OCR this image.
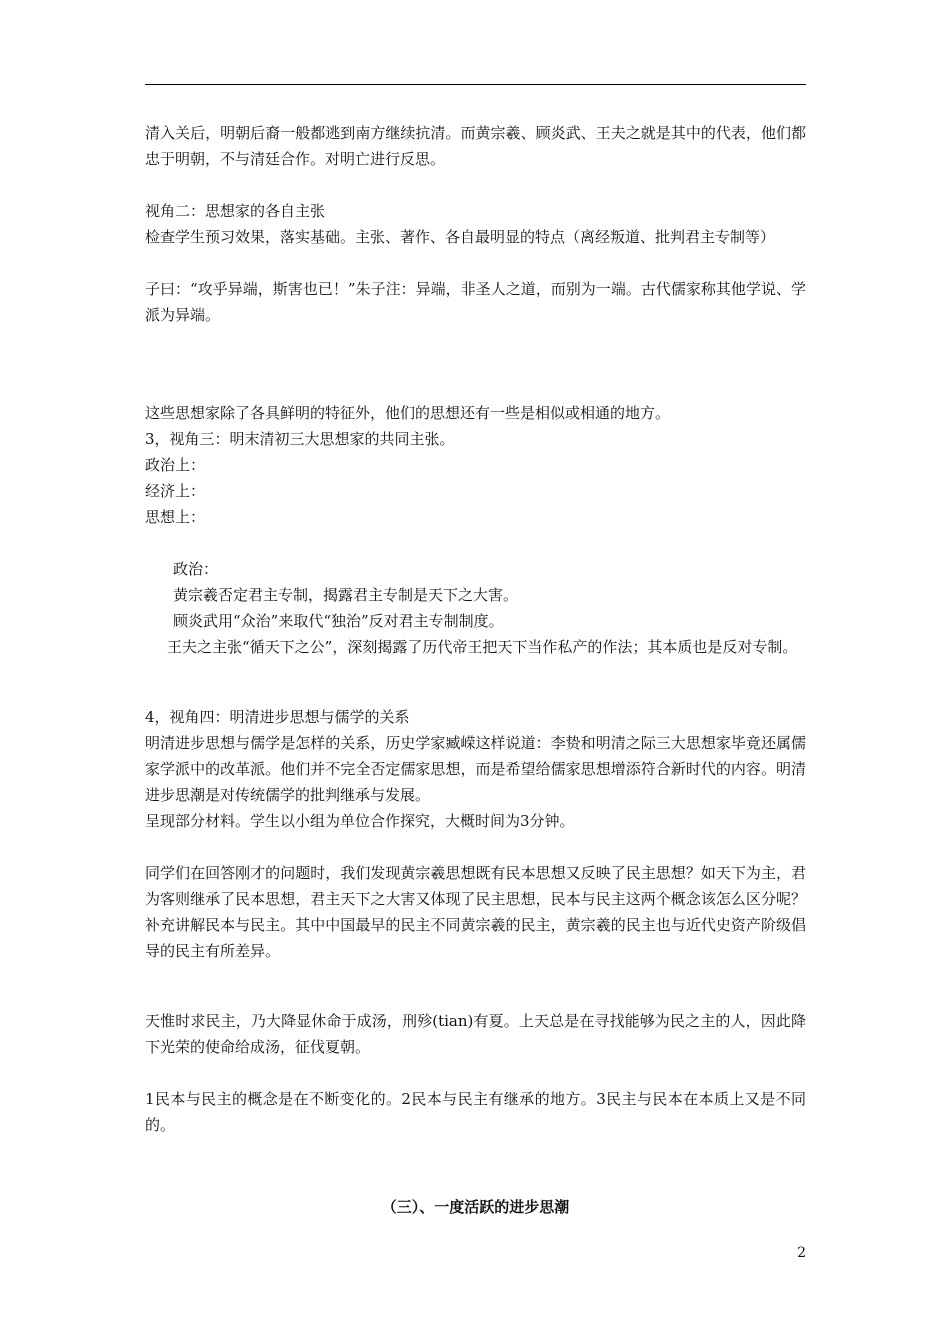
清入关后，明朝后裔一般都逃到南方继续抗清。而黄宗羲、顾炎武、王夫之就是其中的代表，他们都忠于明朝，不与清廷合作。对明亡进行反思。

视角二：思想家的各自主张

检查学生预习效果，落实基础。主张、著作、各自最明显的特点（离经叛道、批判君主专制等）

子曰：“攻乎异端，斯害也已！”朱子注：异端，非圣人之道，而别为一端。古代儒家称其他学说、学派为异端。

这些思想家除了各具鲜明的特征外，他们的思想还有一些是相似或相通的地方。

3，视角三：明末清初三大思想家的共同主张。

政治上：

经济上：

思想上：

政治：

黄宗羲否定君主专制，揭露君主专制是天下之大害。

顾炎武用“众治”来取代“独治”反对君主专制制度。

王夫之主张“循天下之公”，深刻揭露了历代帝王把天下当作私产的作法；其本质也是反对专制。

4，视角四：明清进步思想与儒学的关系

明清进步思想与儒学是怎样的关系，历史学家臧嵘这样说道：李贽和明清之际三大思想家毕竟还属儒家学派中的改革派。他们并不完全否定儒家思想，而是希望给儒家思想增添符合新时代的内容。明清进步思潮是对传统儒学的批判继承与发展。

呈现部分材料。学生以小组为单位合作探究，大概时间为3分钟。

同学们在回答刚才的问题时，我们发现黄宗羲思想既有民本思想又反映了民主思想？如天下为主，君为客则继承了民本思想，君主天下之大害又体现了民主思想，民本与民主这两个概念该怎么区分呢？补充讲解民本与民主。其中中国最早的民主不同黄宗羲的民主，黄宗羲的民主也与近代史资产阶级倡导的民主有所差异。

天惟时求民主，乃大降显休命于成汤，刑殄(tian)有夏。上天总是在寻找能够为民之主的人，因此降下光荣的使命给成汤，征伐夏朝。

1民本与民主的概念是在不断变化的。2民本与民主有继承的地方。3民主与民本在本质上又是不同的。

（三）、一度活跃的进步思潮
2
